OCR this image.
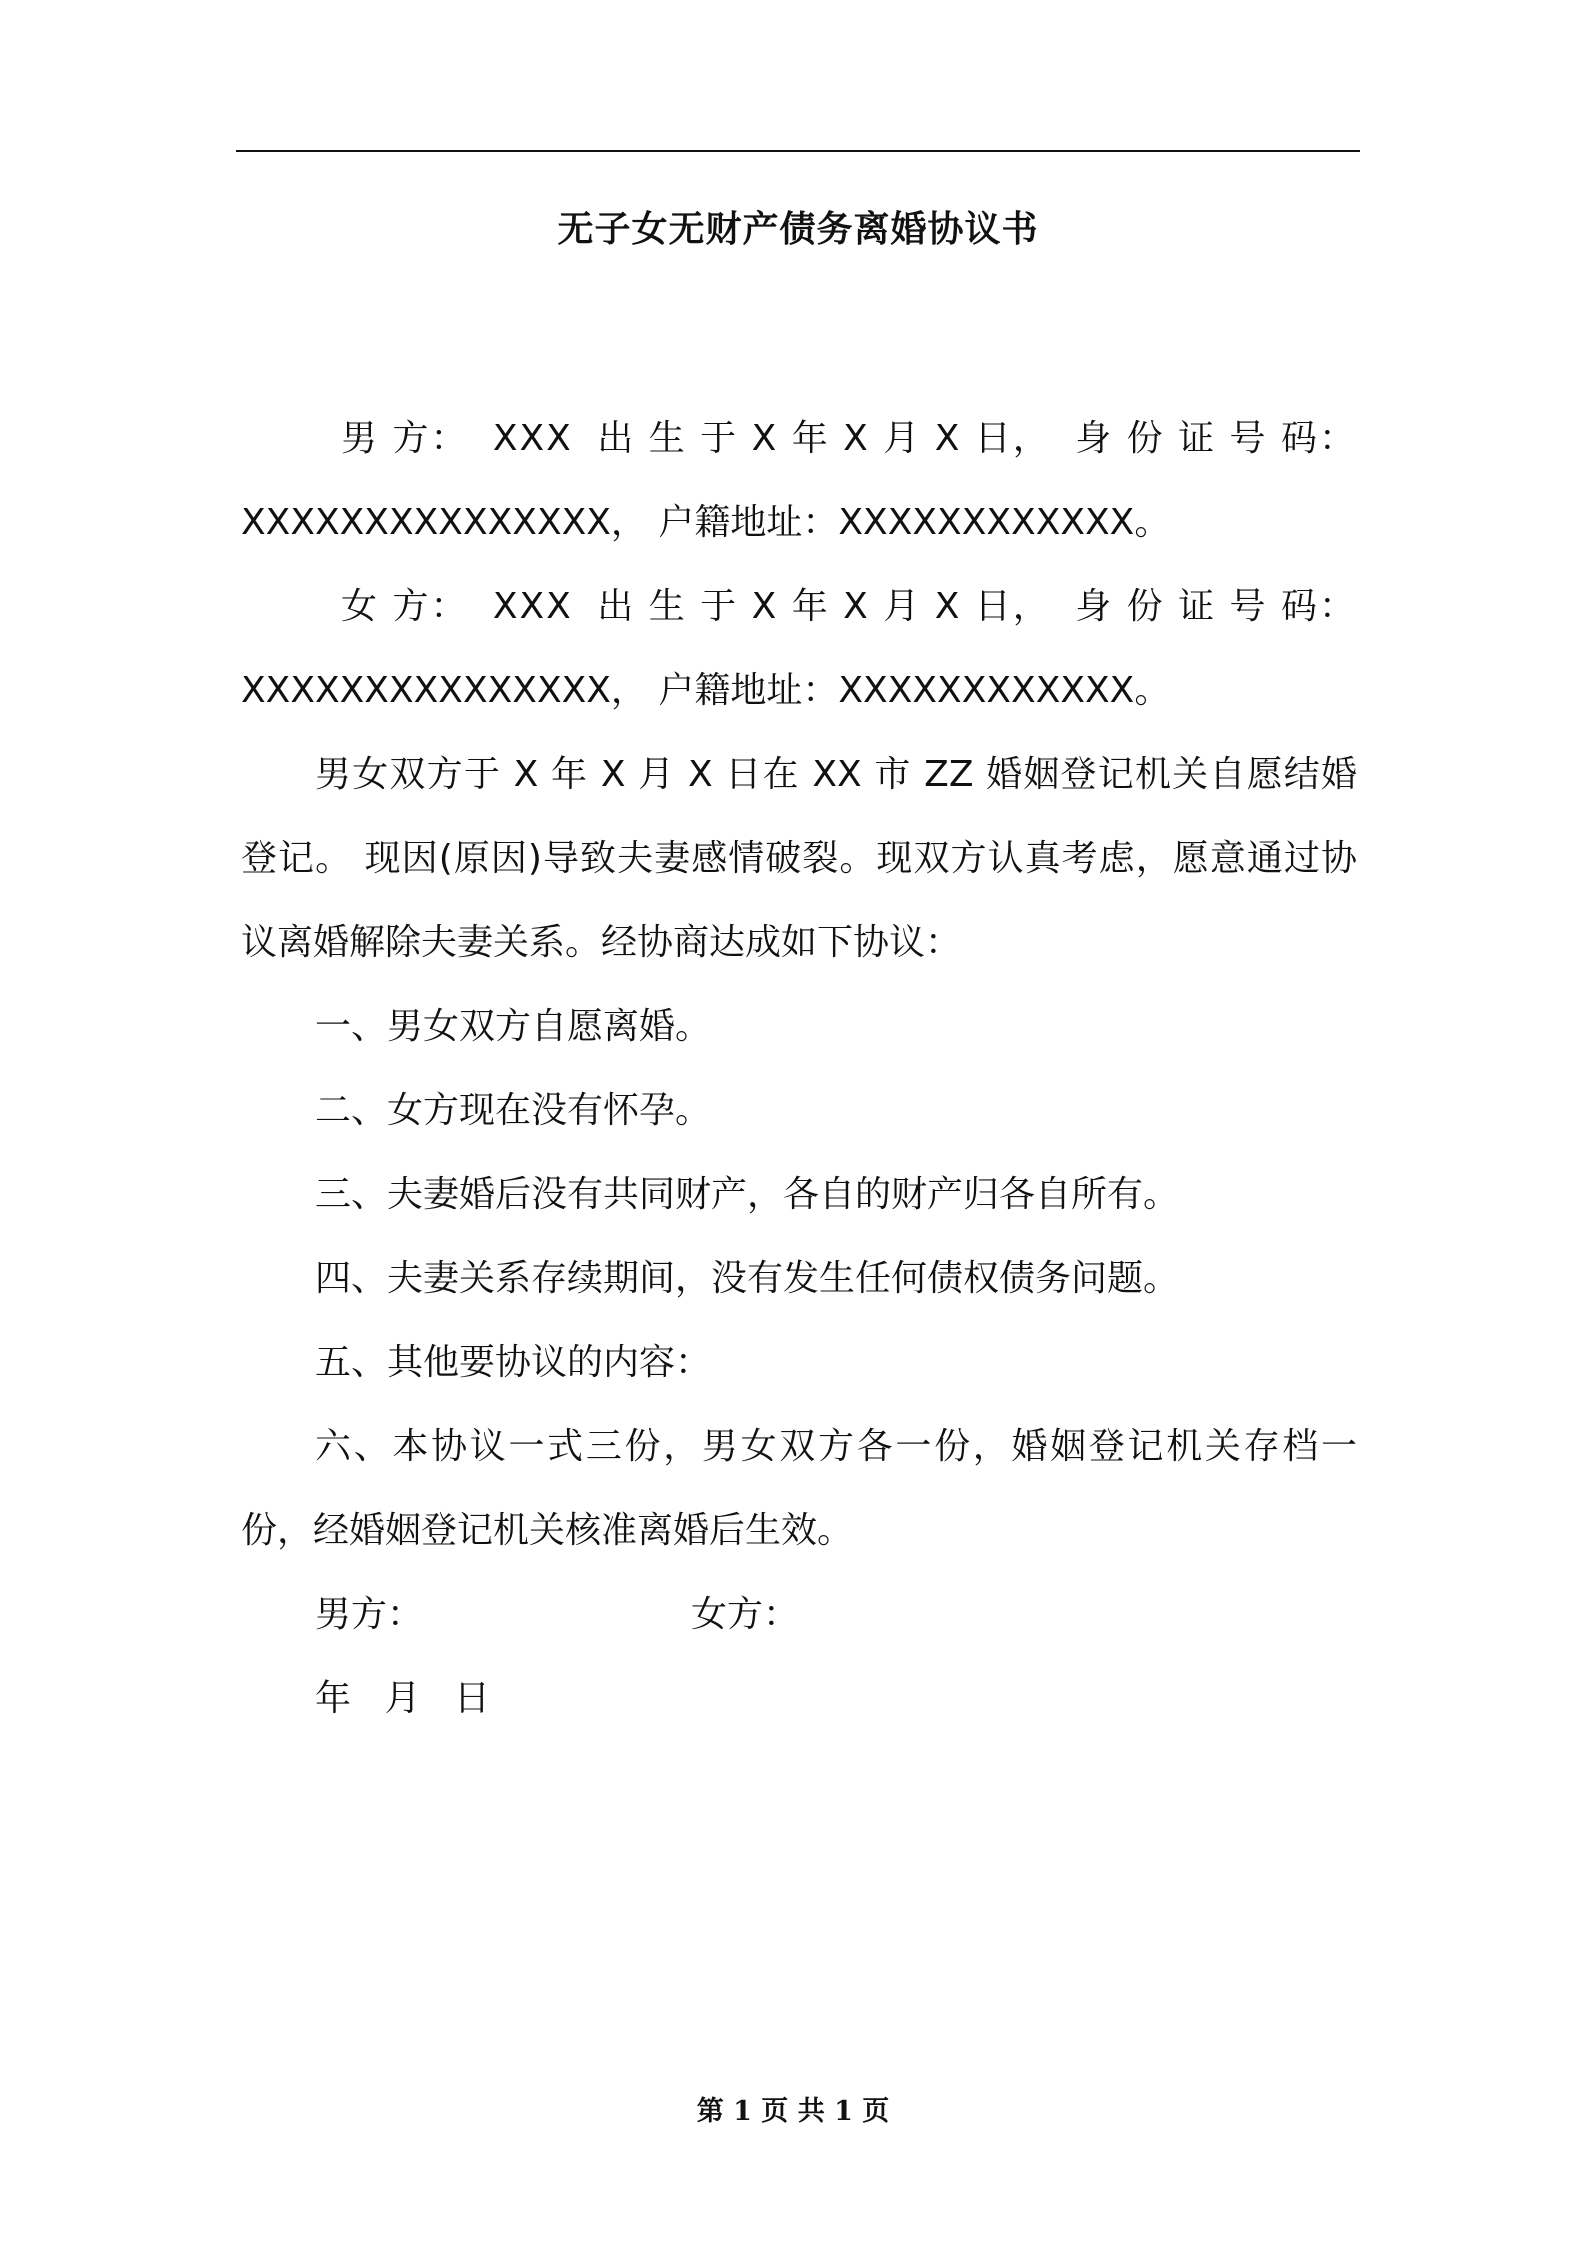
无子女无财产债务离婚协议书
男 方： XXX 出 生 于 X 年 X 月 X 日， 身 份 证 号 码：
XXXXXXXXXXXXXXX， 户籍地址：XXXXXXXXXXXX。
女 方： XXX 出 生 于 X 年 X 月 X 日， 身 份 证 号 码：
XXXXXXXXXXXXXXX， 户籍地址：XXXXXXXXXXXX。

男女双方于 X 年 X 月 X 日在 XX 市 ZZ 婚姻登记机关自愿结婚登记。 现因(原因)导致夫妻感情破裂。现双方认真考虑，愿意通过协议离婚解除夫妻关系。经协商达成如下协议：

一、男女双方自愿离婚。

二、女方现在没有怀孕。

三、夫妻婚后没有共同财产，各自的财产归各自所有。

四、夫妻关系存续期间，没有发生任何债权债务问题。

五、其他要协议的内容：

六、本协议一式三份，男女双方各一份，婚姻登记机关存档一份，经婚姻登记机关核准离婚后生效。

男方：	女方：
年 月 日
第 1 页 共 1 页
